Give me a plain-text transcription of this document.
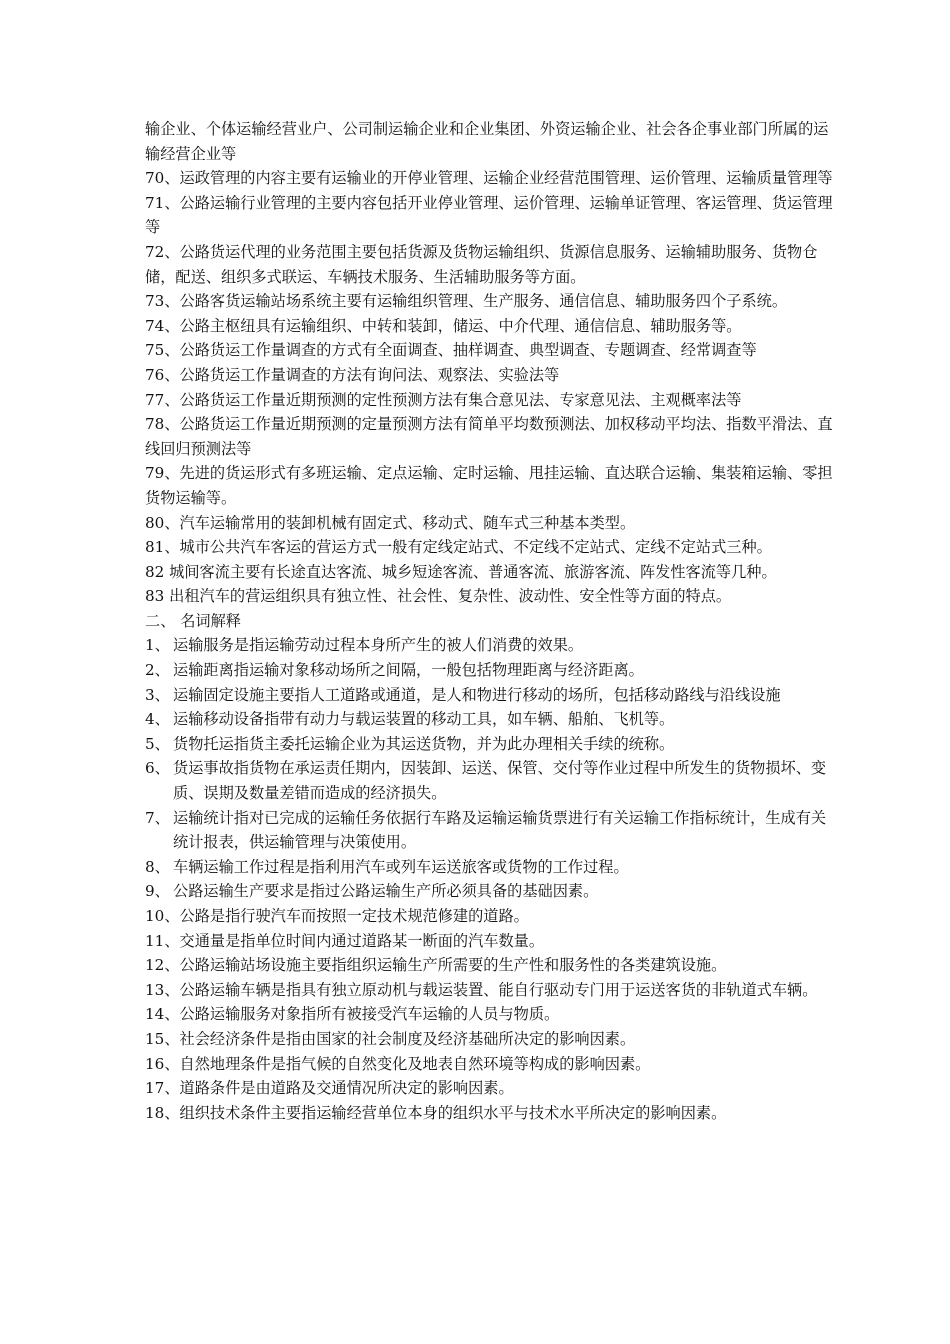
输企业、个体运输经营业户、公司制运输企业和企业集团、外资运输企业、社会各企事业部门所属的运输经营企业等

70、运政管理的内容主要有运输业的开停业管理、运输企业经营范围管理、运价管理、运输质量管理等

71、公路运输行业管理的主要内容包括开业停业管理、运价管理、运输单证管理、客运管理、货运管理等

72、公路货运代理的业务范围主要包括货源及货物运输组织、货源信息服务、运输辅助服务、货物仓储，配送、组织多式联运、车辆技术服务、生活辅助服务等方面。

73、公路客货运输站场系统主要有运输组织管理、生产服务、通信信息、辅助服务四个子系统。

74、公路主枢纽具有运输组织、中转和装卸，储运、中介代理、通信信息、辅助服务等。

75、公路货运工作量调查的方式有全面调查、抽样调查、典型调查、专题调查、经常调查等

76、公路货运工作量调查的方法有询问法、观察法、实验法等

77、公路货运工作量近期预测的定性预测方法有集合意见法、专家意见法、主观概率法等

78、公路货运工作量近期预测的定量预测方法有简单平均数预测法、加权移动平均法、指数平滑法、直线回归预测法等

79、先进的货运形式有多班运输、定点运输、定时运输、甩挂运输、直达联合运输、集装箱运输、零担货物运输等。

80、汽车运输常用的装卸机械有固定式、移动式、随车式三种基本类型。

81、城市公共汽车客运的营运方式一般有定线定站式、不定线不定站式、定线不定站式三种。

82 城间客流主要有长途直达客流、城乡短途客流、普通客流、旅游客流、阵发性客流等几种。

83 出租汽车的营运组织具有独立性、社会性、复杂性、波动性、安全性等方面的特点。

二、 名词解释

1、 运输服务是指运输劳动过程本身所产生的被人们消费的效果。
2、 运输距离指运输对象移动场所之间隔，一般包括物理距离与经济距离。
3、 运输固定设施主要指人工道路或通道，是人和物进行移动的场所，包括移动路线与沿线设施
4、 运输移动设备指带有动力与载运装置的移动工具，如车辆、船舶、飞机等。
5、 货物托运指货主委托运输企业为其运送货物，并为此办理相关手续的统称。
6、 货运事故指货物在承运责任期内，因装卸、运送、保管、交付等作业过程中所发生的货物损坏、变质、误期及数量差错而造成的经济损失。
7、 运输统计指对已完成的运输任务依据行车路及运输运输货票进行有关运输工作指标统计，生成有关统计报表，供运输管理与决策使用。
8、 车辆运输工作过程是指利用汽车或列车运送旅客或货物的工作过程。
9、 公路运输生产要求是指过公路运输生产所必须具备的基础因素。

10、公路是指行驶汽车而按照一定技术规范修建的道路。

11、交通量是指单位时间内通过道路某一断面的汽车数量。

12、公路运输站场设施主要指组织运输生产所需要的生产性和服务性的各类建筑设施。

13、公路运输车辆是指具有独立原动机与载运装置、能自行驱动专门用于运送客货的非轨道式车辆。

14、公路运输服务对象指所有被接受汽车运输的人员与物质。

15、社会经济条件是指由国家的社会制度及经济基础所决定的影响因素。

16、自然地理条件是指气候的自然变化及地表自然环境等构成的影响因素。

17、道路条件是由道路及交通情况所决定的影响因素。

18、组织技术条件主要指运输经营单位本身的组织水平与技术水平所决定的影响因素。
